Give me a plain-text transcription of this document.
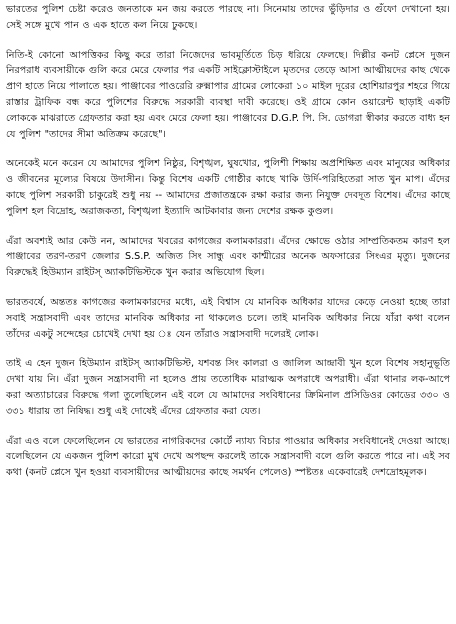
ভারতের পুলিশ চেষ্টা করেও জনতাকে মন জয় করতে পারছে না। সিনেমায় তাদের ভুঁড়িদার ও গুঁফো দেখানো হয়। সেই সঙ্গে মুখে পান ও এক হাতে কল নিয়ে ঢুকছে।

নিতি-ই কোনো আপত্তিকর কিছু করে তারা নিজেদের ভাবমূর্তিতে চিড় ধরিয়ে ফেলছে। দিল্লীর কনট প্লেসে দুজন নিরপরাধ ব্যবসায়ীকে গুলি করে মেরে ফেলার পর একটি সাইক্লোস্টাইলে মৃতদের তেড়ে আসা আত্মীয়দের কাছ থেকে প্রাণ হাতে নিয়ে পালাতে হয়। পাঞ্জাবের পাওরেরি রুক্মাপার গ্রামের লোকেরা ১০ মাইল দূরের হোশিয়ারপুর শহরে গিয়ে রাস্তার ট্রাফিক বন্ধ করে পুলিশের বিরুদ্ধে সরকারী ব্যবস্থা দাবী করেছে। ওই গ্রামে কোন ওয়ারেন্ট ছাড়াই একটি লোককে মাঝরাতে গ্রেফতার করা হয় এবং মেরে ফেলা হয়। পাঞ্জাবের D.G.P. পি. সি. ডোগরা স্বীকার করতে বাধ্য হন যে পুলিশ "তাদের সীমা অতিক্রম করেছে"।

অনেকেই মনে করেন যে আমাদের পুলিশ নিষ্ঠুর, বিশৃঙ্খল, ঘুষখোর, পুলিশী শিক্ষায় অপ্রশিক্ষিত এবং মানুষের অধিকার ও জীবনের মূল্যের বিষয়ে উদাসীন। কিন্তু বিশেষ একটি গোষ্ঠীর কাছে খাকি উর্দি-পরিহিতেরা সাত খুন মাপ। এঁদের কাছে পুলিশ সরকারী চাকুরেই শুধু নয় -- আমাদের প্রজাতন্ত্রকে রক্ষা করার জন্য নিযুক্ত দেবদূত বিশেষ। এঁদের কাছে পুলিশ হল বিদ্রোহ, অরাজকতা, বিশৃঙ্খলা ইত্যাদি আটকাবার জন্য দেশের রক্ষক কুণ্ডল।

এঁরা অবশ্যই আর কেউ নন, আমাদের খবরের কাগজের কলামকাররা। এঁদের ক্ষোভে ওঠার সাম্প্রতিকতম কারণ হল পাঞ্জাবের তরণ-তরণ জেলার S.S.P. অজিত সিং সান্ধু এবং কাশ্মীরের অনেক অফসারের সিংএর মৃত্যু। দুজনের বিরুদ্ধেই হিউম্যান রাইটস্ অ্যাকটিভিস্টকে খুন করার অভিযোগ ছিল।

ভারতবর্ষে, অন্ততঃ কাগজের কলামকারদের মধ্যে, এই বিশ্বাস যে মানবিক অধিকার যাদের কেড়ে নেওয়া হচ্ছে তারা সবাই সন্ত্রাসবাদী এবং তাদের মানবিক অধিকার না থাকলেও চলে। তাই মানবিক অধিকার নিয়ে যাঁরা কথা বলেন তাঁদের একটু সন্দেহের চোখেই দেখা হয় ঃ যেন তাঁরাও সন্ত্রাসবাদী দলেরই লোক।

তাই এ হেন দুজন হিউম্যান রাইটস্ অ্যাকটিভিস্ট, যশবন্ত সিং কালরা ও জালিল আন্দ্রাবী খুন হলে বিশেষ সহানুভূতি দেখা যায় নি। এঁরা দুজন সন্ত্রাসবাদী না হলেও প্রায় ততোধিক মারাত্মক অপরাধে অপরাধী। এঁরা থানার লক-আপে করা অত্যাচারের বিরুদ্ধে গলা তুলেছিলেন এই বলে যে আমাদের সংবিধানের ক্রিমিনাল প্রসিডিওর কোডের ৩৩০ ও ৩৩১ ধারায় তা নিষিদ্ধ। শুধু এই দোষেই এঁদের গ্রেফতার করা যেত।

এঁরা এও বলে ফেলেছিলেন যে ভারতের নাগরিকদের কোর্টে ন্যায্য বিচার পাওয়ার অধিকার সংবিধানেই দেওয়া আছে। বলেছিলেন যে একজন পুলিশ কারো মুখ দেখে অপছন্দ করলেই তাকে সন্ত্রাসবাদী বলে গুলি করতে পারে না। এই সব কথা (কনট প্লেসে খুন হওয়া ব্যবসায়ীদের আত্মীয়দের কাছে সমর্থন পেলেও) স্পষ্টতঃ একেবারেই দেশদ্রোহমূলক।
